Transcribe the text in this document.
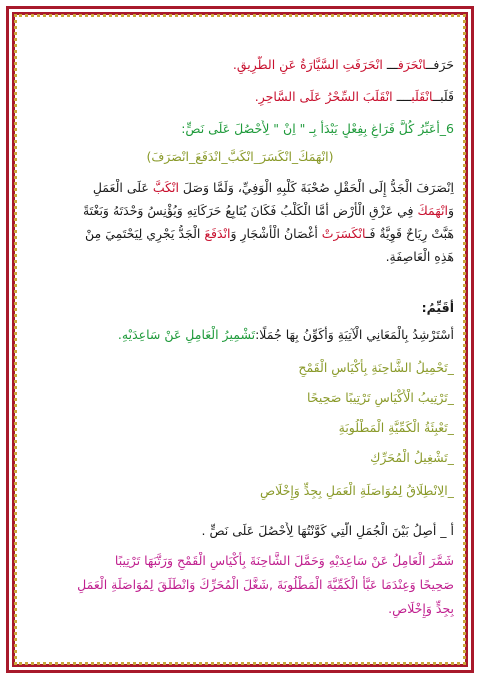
حَرَفــانْحَرَفـــ انْحَرَفَتِ السَّيَّارَةُ عَنِ الطَّرِيقِ.
قَلَبــانْقَلَبــــ انْقَلَبَ السِّحْرُ عَلَى السَّاحِرِ.
6_أُعَبِّرُ كُلَّ فَرَاغٍ بِفِعْلٍ يَبْدَأُ بِـ " اِنْ " لِأَحْصُلَ عَلَى نَصٍّ:
(انْهَمَكَ_انْكَسَرَ_انْكَبَّ_انْدَفَعَ_انْصَرَفَ)
اِنْصَرَفَ الْجَدُّ إِلَى الْحَقْلِ صُحْبَةَ كَلْبِهِ الْوَفِيِّ، وَلَمَّا وَصَلَ انْكَبَّ عَلَى الْعَمَلِ
وَانْهَمَكَ فِي عَزْقِ الْأَرْضِ أَمَّا الْكَلْبُ فَكَانَ يُتَابِعُ حَرَكَاتِهِ وَيُؤْنِسُ وَحْدَتَهُ وَبَغْتَةً
هَبَّتْ رِيَاحٌ قَوِيَّةٌ فَـانْكَسَرَتْ أَغْصَانُ الْأَشْجَارِ وَانْدَفَعَ الْجَدُّ يَجْرِي لِيَحْتَمِيَ مِنْ
هَذِهِ الْعَاصِفَةِ.
أُقَيِّمُ:
أَسْتَرْشِدُ بِالْمَعَانِي الْآتِيَةِ وَأُكَوِّنُ بِهَا جُمَلًا:تَشْمِيرُ الْعَامِلِ عَنْ سَاعِدَيْهِ.
_تَحْمِيلُ الشَّاحِنَةِ بِأَكْيَاسِ الْقَمْحِ
_تَرْتِيبُ الْأَكْيَاسِ تَرْتِيبًا صَحِيحًا
_تَعْبِئَةُ الْكَمِّيَّةِ الْمَطْلُوبَةِ
_تَشْغِيلُ الْمُحَرِّكِ
_الِانْطِلَاقُ لِمُوَاصَلَةِ الْعَمَلِ بِجِدٍّ وَإِخْلَاصٍ
أ _ أَصِلُ بَيْنَ الْجُمَلِ الَّتِي كَوَّنْتُهَا لِأَحْصُلَ عَلَى نَصٍّ .
شَمَّرَ الْعَامِلُ عَنْ سَاعِدَيْهِ وَحَمَّلَ الشَّاحِنَةَ بِأَكْيَاسِ الْقَمْحِ وَرَتَّبَهَا تَرْتِيبًا
صَحِيحًا وَعِنْدَمَا عَبَّأَ الْكَمِّيَّةَ الْمَطْلُوبَةَ ,شَغَّلَ الْمُحَرِّكَ وَانْطَلَقَ لِمُوَاصَلَةِ الْعَمَلِ
بِجِدٍّ وَإِخْلَاصٍ.
